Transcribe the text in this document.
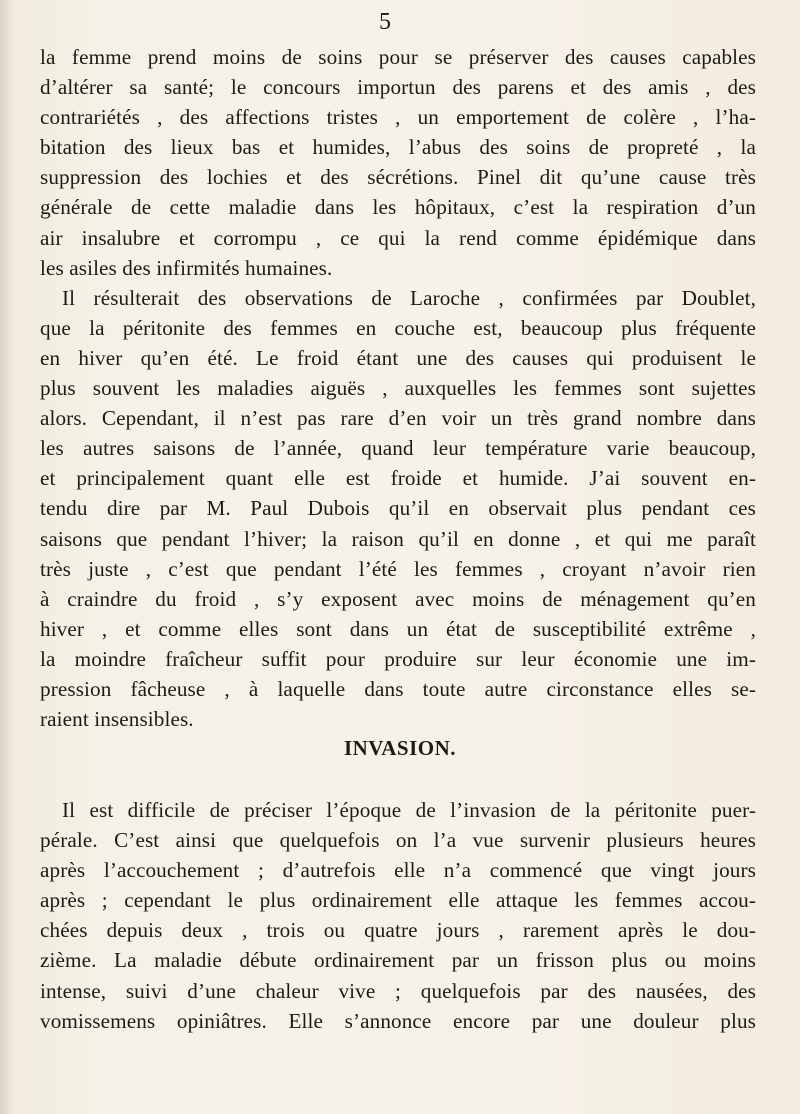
5
la femme prend moins de soins pour se préserver des causes capables
d’altérer sa santé; le concours importun des parens et des amis , des
contrariétés , des affections tristes , un emportement de colère , l’ha-
bitation des lieux bas et humides, l’abus des soins de propreté , la
suppression des lochies et des sécrétions. Pinel dit qu’une cause très
générale de cette maladie dans les hôpitaux, c’est la respiration d’un
air insalubre et corrompu , ce qui la rend comme épidémique dans
les asiles des infirmités humaines.
Il résulterait des observations de Laroche , confirmées par Doublet,
que la péritonite des femmes en couche est, beaucoup plus fréquente
en hiver qu’en été. Le froid étant une des causes qui produisent le
plus souvent les maladies aiguës , auxquelles les femmes sont sujettes
alors. Cependant, il n’est pas rare d’en voir un très grand nombre dans
les autres saisons de l’année, quand leur température varie beaucoup,
et principalement quant elle est froide et humide. J’ai souvent en-
tendu dire par M. Paul Dubois qu’il en observait plus pendant ces
saisons que pendant l’hiver; la raison qu’il en donne , et qui me paraît
très juste , c’est que pendant l’été les femmes , croyant n’avoir rien
à craindre du froid , s’y exposent avec moins de ménagement qu’en
hiver , et comme elles sont dans un état de susceptibilité extrême ,
la moindre fraîcheur suffit pour produire sur leur économie une im-
pression fâcheuse , à laquelle dans toute autre circonstance elles se-
raient insensibles.
INVASION.
Il est difficile de préciser l’époque de l’invasion de la péritonite puer-
pérale. C’est ainsi que quelquefois on l’a vue survenir plusieurs heures
après l’accouchement ; d’autrefois elle n’a commencé que vingt jours
après ; cependant le plus ordinairement elle attaque les femmes accou-
chées depuis deux , trois ou quatre jours , rarement après le dou-
zième. La maladie débute ordinairement par un frisson plus ou moins
intense, suivi d’une chaleur vive ; quelquefois par des nausées, des
vomissemens opiniâtres. Elle s’annonce encore par une douleur plus
